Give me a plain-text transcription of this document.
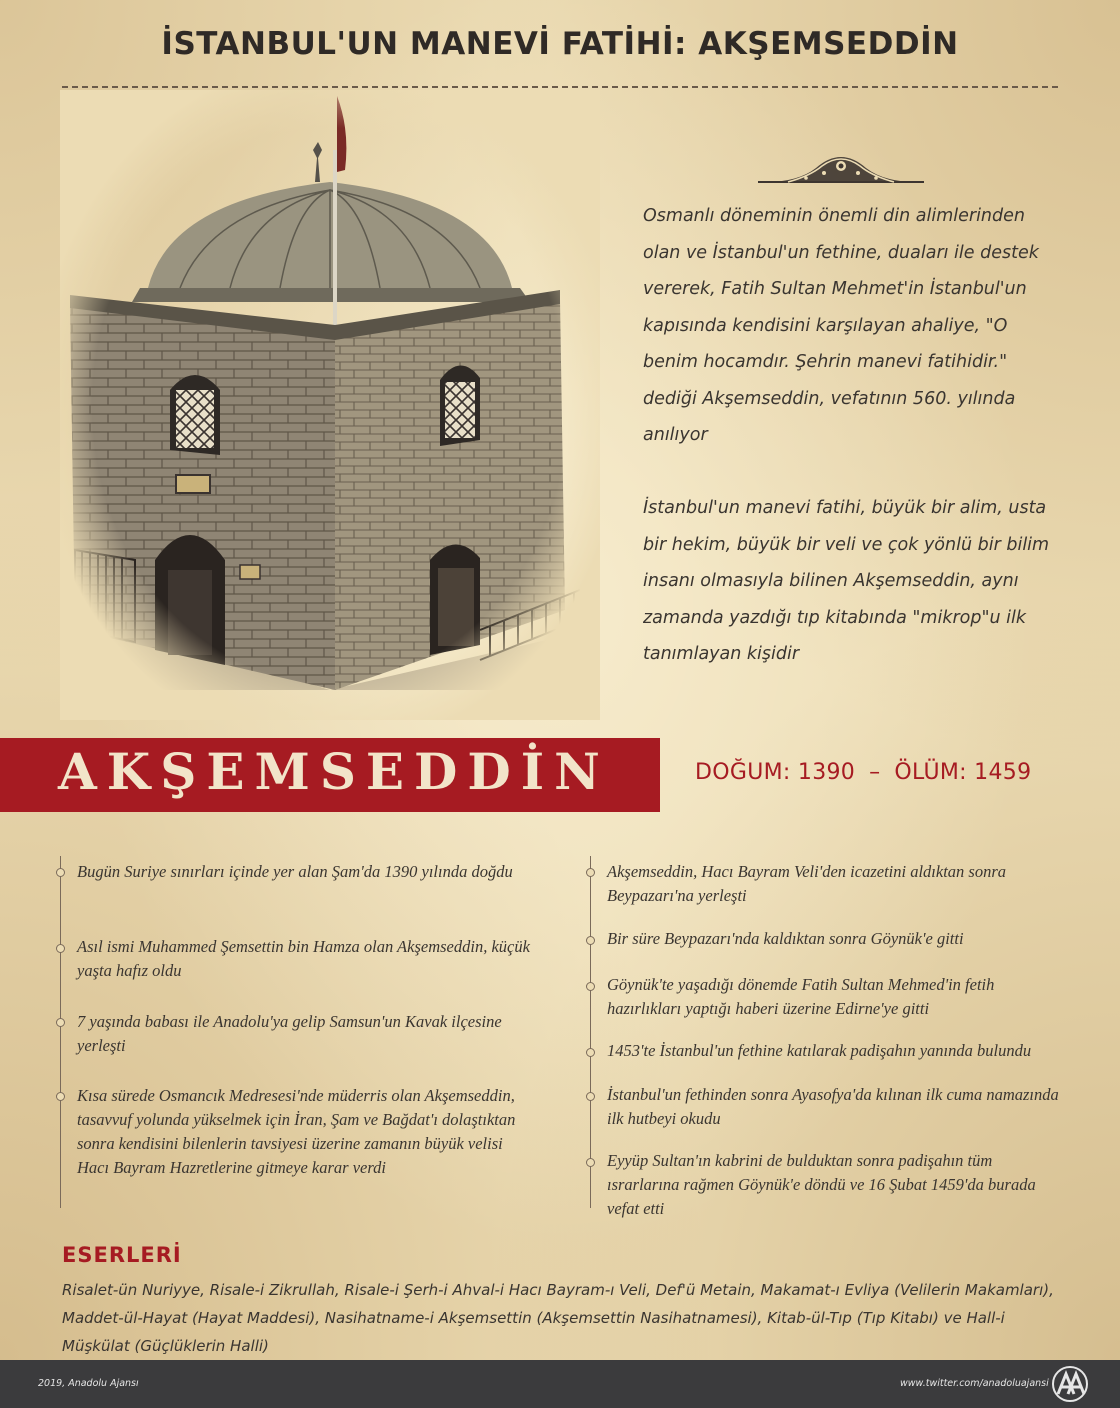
İSTANBUL'UN MANEVİ FATİHİ: AKŞEMSEDDİN

Osmanlı döneminin önemli din alimlerinden olan ve İstanbul'un fethine, duaları ile destek vererek, Fatih Sultan Mehmet'in İstanbul'un kapısında kendisini karşılayan ahaliye, "O benim hocamdır. Şehrin manevi fatihidir." dediği Akşemseddin, vefatının 560. yılında anılıyor

İstanbul'un manevi fatihi, büyük bir alim, usta bir hekim, büyük bir veli ve çok yönlü bir bilim insanı olmasıyla bilinen Akşemseddin, aynı zamanda yazdığı tıp kitabında "mikrop"u ilk tanımlayan kişidir

AKŞEMSEDDİN	DOĞUM: 1390 – ÖLÜM: 1459
Bugün Suriye sınırları içinde yer alan Şam'da 1390 yılında doğdu
Asıl ismi Muhammed Şemsettin bin Hamza olan Akşemseddin, küçük yaşta hafız oldu
7 yaşında babası ile Anadolu'ya gelip Samsun'un Kavak ilçesine yerleşti
Kısa sürede Osmancık Medresesi'nde müderris olan Akşemseddin, tasavvuf yolunda yükselmek için İran, Şam ve Bağdat'ı dolaştıktan sonra kendisini bilenlerin tavsiyesi üzerine zamanın büyük velisi Hacı Bayram Hazretlerine gitmeye karar verdi
Akşemseddin, Hacı Bayram Veli'den icazetini aldıktan sonra Beypazarı'na yerleşti
Bir süre Beypazarı'nda kaldıktan sonra Göynük'e gitti
Göynük'te yaşadığı dönemde Fatih Sultan Mehmed'in fetih hazırlıkları yaptığı haberi üzerine Edirne'ye gitti
1453'te İstanbul'un fethine katılarak padişahın yanında bulundu
İstanbul'un fethinden sonra Ayasofya'da kılınan ilk cuma namazında ilk hutbeyi okudu
Eyyüp Sultan'ın kabrini de bulduktan sonra padişahın tüm ısrarlarına rağmen Göynük'e döndü ve 16 Şubat 1459'da burada vefat etti
ESERLERİ

Risalet-ün Nuriyye, Risale-i Zikrullah, Risale-i Şerh-i Ahval-i Hacı Bayram-ı Veli, Def'ü Metain, Makamat-ı Evliya (Velilerin Makamları), Maddet-ül-Hayat (Hayat Maddesi), Nasihatname-i Akşemsettin (Akşemsettin Nasihatnamesi), Kitab-ül-Tıp (Tıp Kitabı) ve Hall-i Müşkülat (Güçlüklerin Halli)

2019, Anadolu Ajansı	www.twitter.com/anadoluajansi
